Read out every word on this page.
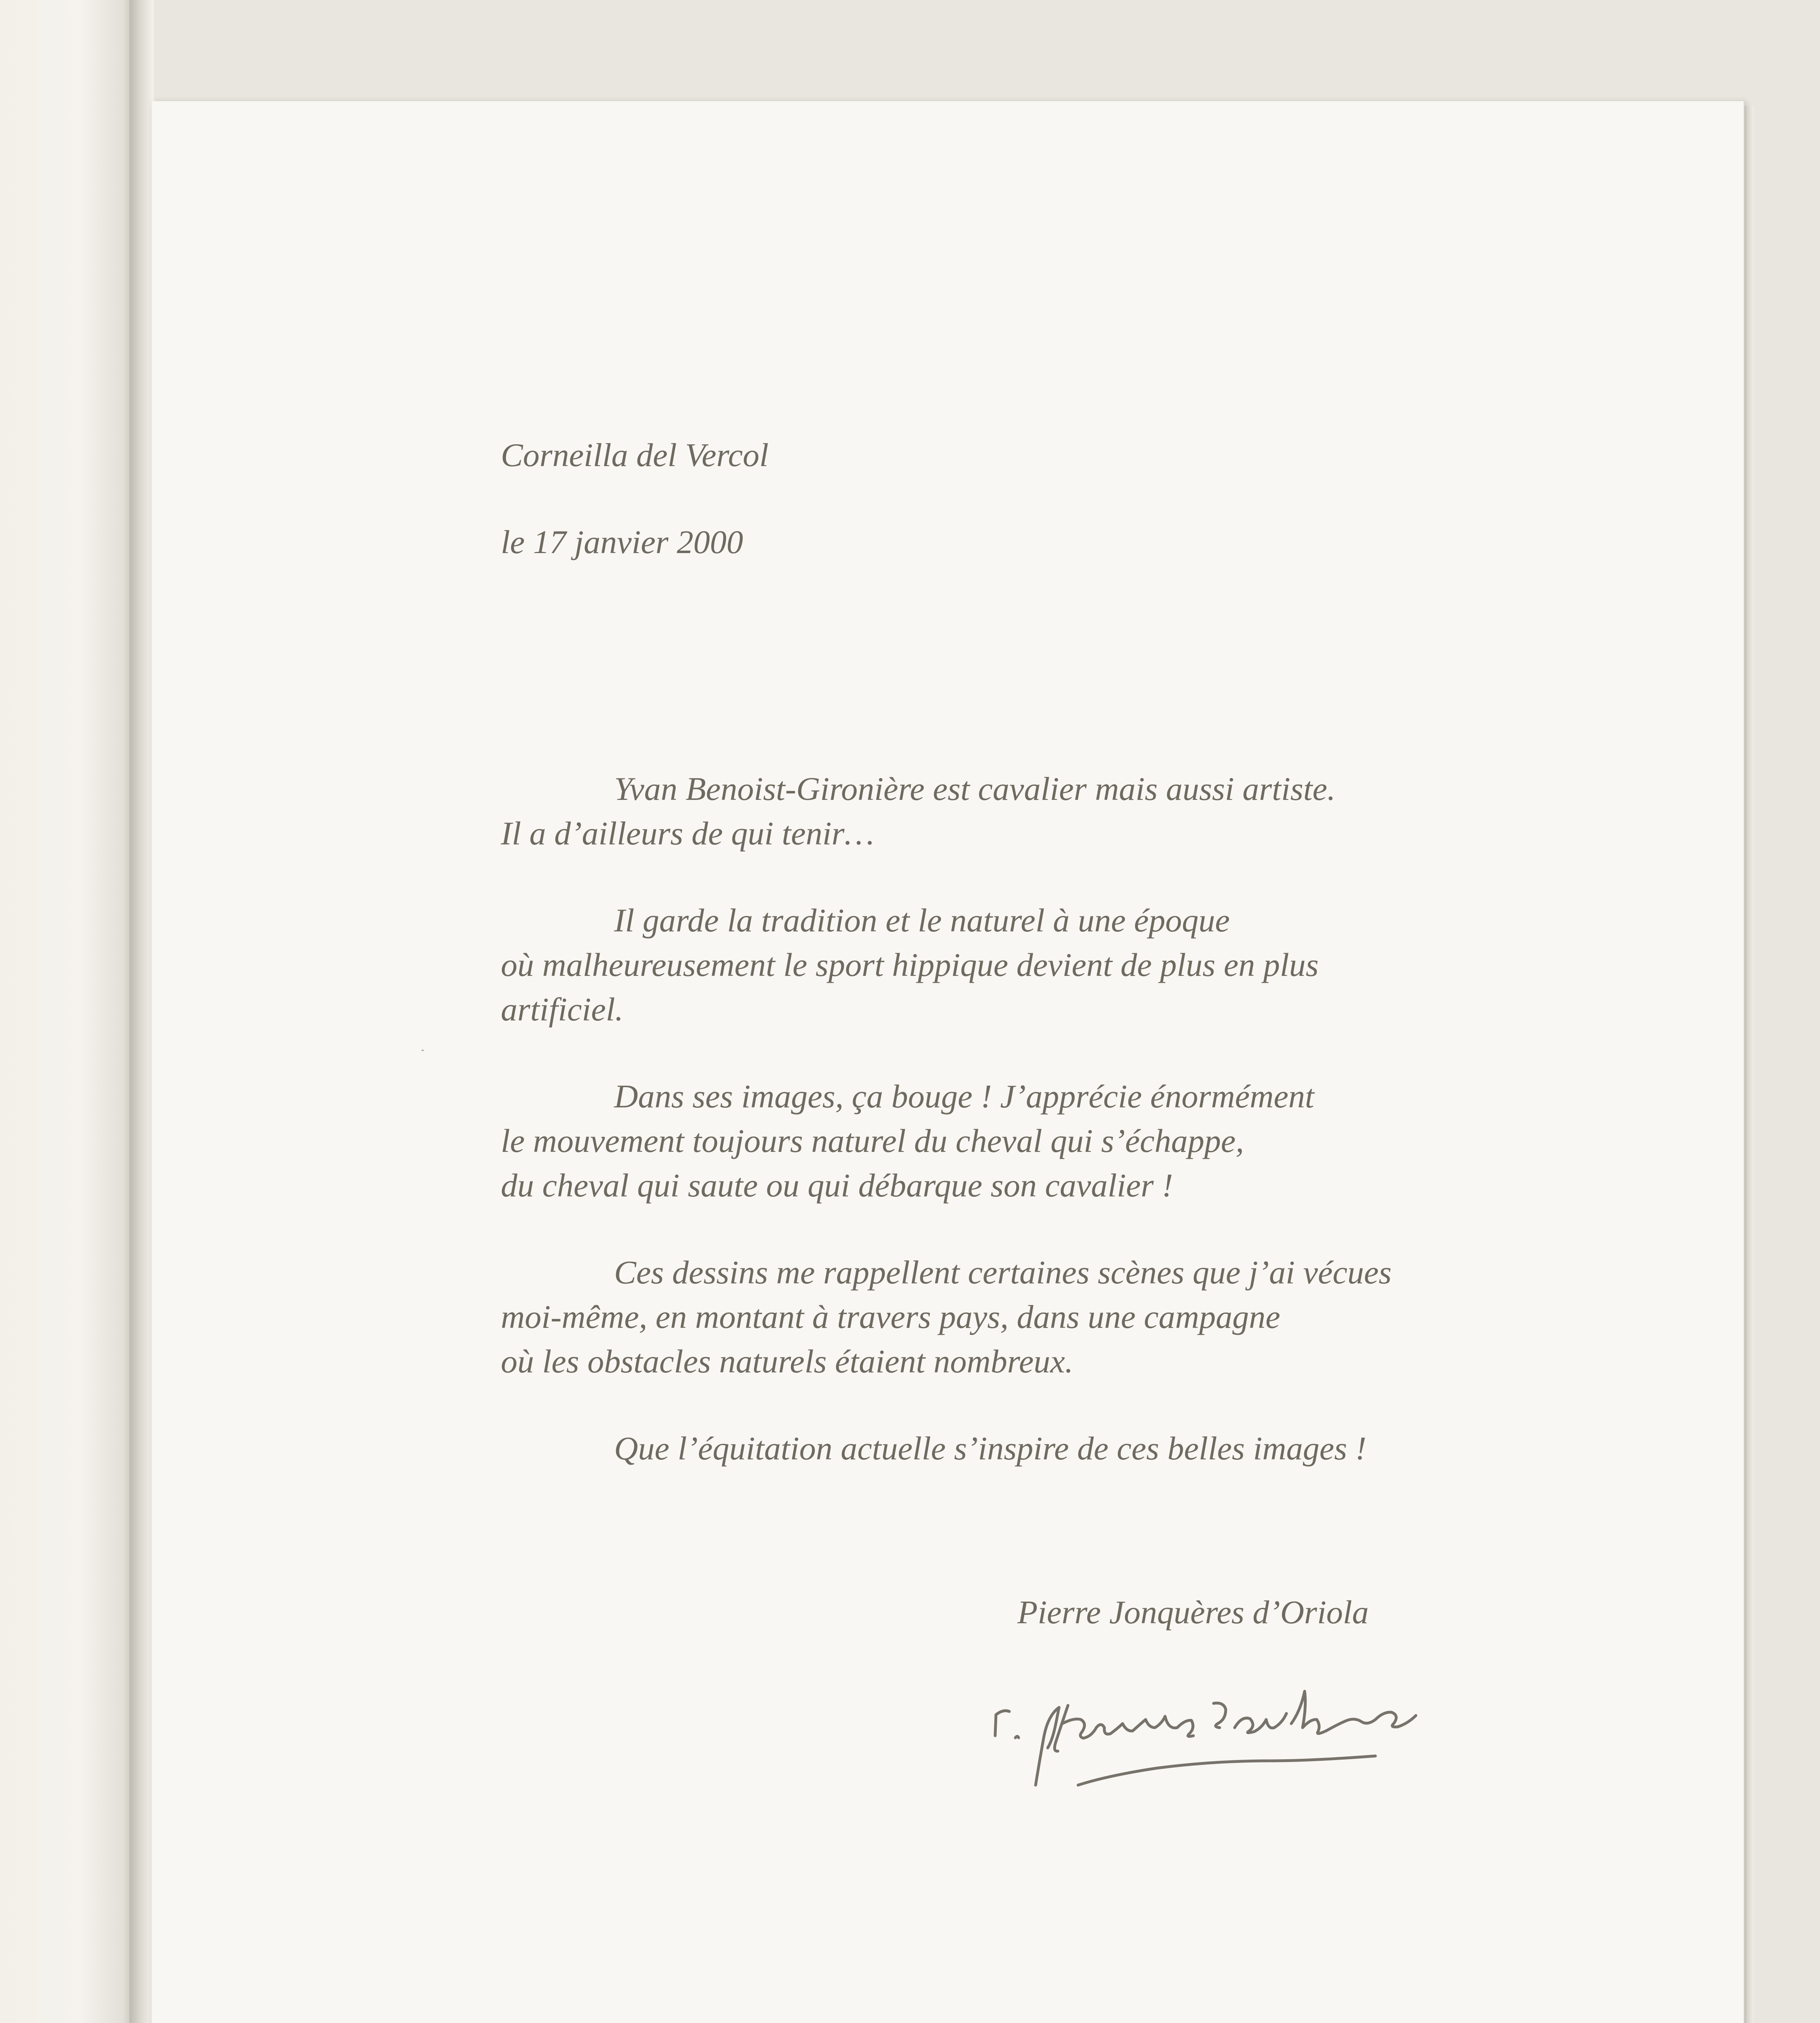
Corneilla del Vercol

le 17 janvier 2000

Yvan Benoist-Gironière est cavalier mais aussi artiste.
Il a d’ailleurs de qui tenir…
Il garde la tradition et le naturel à une époque
où malheureusement le sport hippique devient de plus en plus
artificiel.
Dans ses images, ça bouge ! J’apprécie énormément
le mouvement toujours naturel du cheval qui s’échappe,
du cheval qui saute ou qui débarque son cavalier !
Ces dessins me rappellent certaines scènes que j’ai vécues
moi-même, en montant à travers pays, dans une campagne
où les obstacles naturels étaient nombreux.
Que l’équitation actuelle s’inspire de ces belles images !

Pierre Jonquères d’Oriola
